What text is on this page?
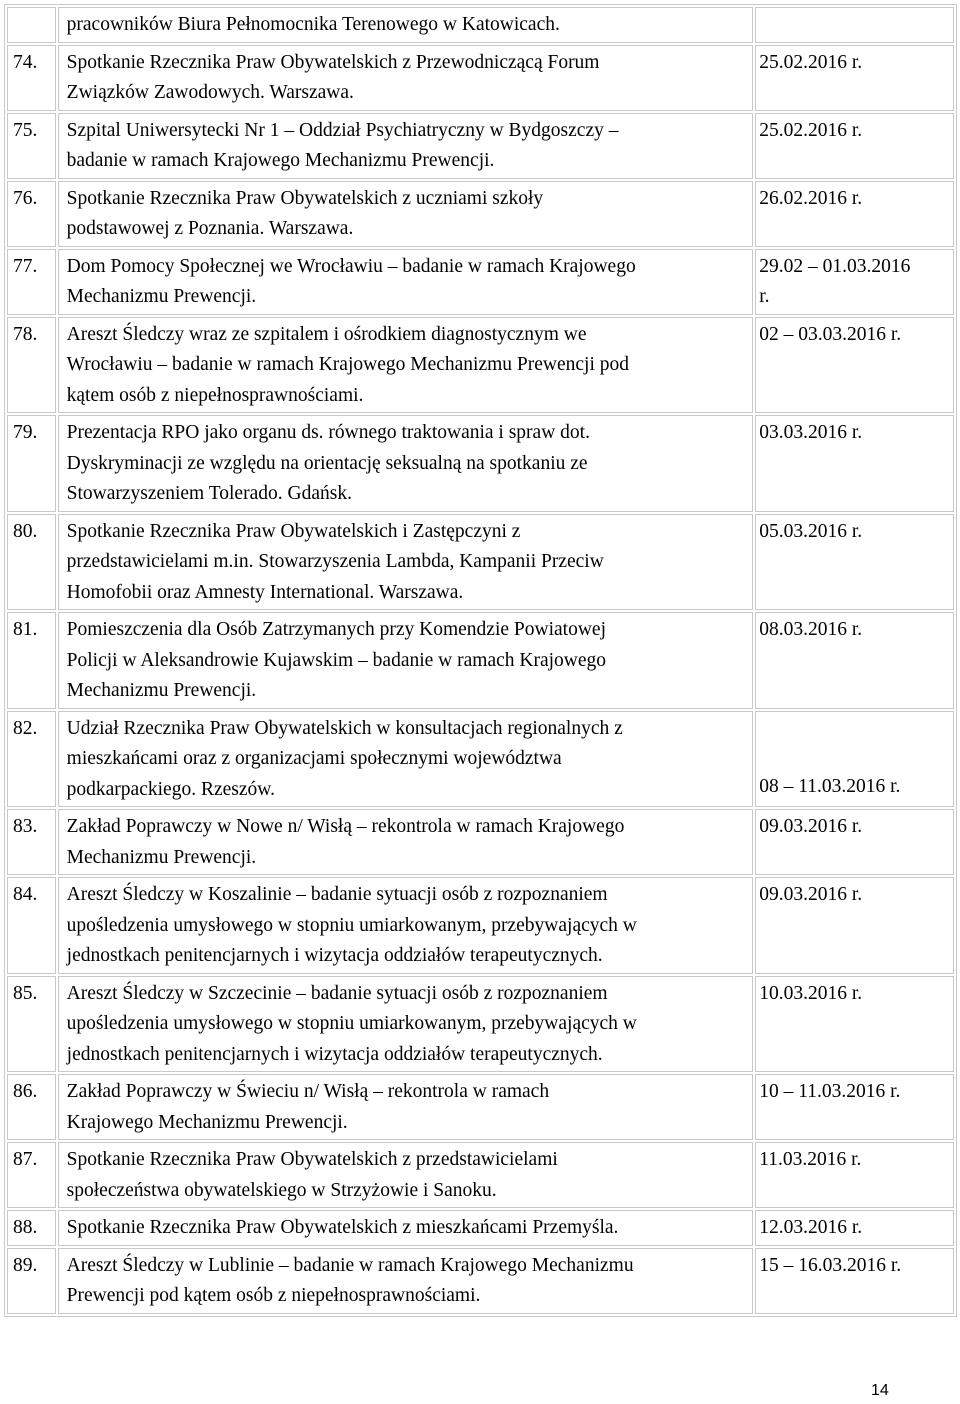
	pracowników Biura Pełnomocnika Terenowego w Katowicach.	

74.	Spotkanie Rzecznika Praw Obywatelskich z Przewodniczącą Forum
Związków Zawodowych. Warszawa.	25.02.2016 r.

75.	Szpital Uniwersytecki Nr 1 – Oddział Psychiatryczny w Bydgoszczy –
badanie w ramach Krajowego Mechanizmu Prewencji.	25.02.2016 r.

76.	Spotkanie Rzecznika Praw Obywatelskich z uczniami szkoły
podstawowej z Poznania. Warszawa.	26.02.2016 r.

77.	Dom Pomocy Społecznej we Wrocławiu – badanie w ramach Krajowego
Mechanizmu Prewencji.	29.02 – 01.03.2016
r.

78.	Areszt Śledczy wraz ze szpitalem i ośrodkiem diagnostycznym we
Wrocławiu – badanie w ramach Krajowego Mechanizmu Prewencji pod
kątem osób z niepełnosprawnościami.	02 – 03.03.2016 r.

79.	Prezentacja RPO jako organu ds. równego traktowania i spraw dot.
Dyskryminacji ze względu na orientację seksualną na spotkaniu ze
Stowarzyszeniem Tolerado. Gdańsk.	03.03.2016 r.

80.	Spotkanie Rzecznika Praw Obywatelskich i Zastępczyni z
przedstawicielami m.in. Stowarzyszenia Lambda, Kampanii Przeciw
Homofobii oraz Amnesty International. Warszawa.	05.03.2016 r.

81.	Pomieszczenia dla Osób Zatrzymanych przy Komendzie Powiatowej
Policji w Aleksandrowie Kujawskim – badanie w ramach Krajowego
Mechanizmu Prewencji.	08.03.2016 r.

82.	Udział Rzecznika Praw Obywatelskich w konsultacjach regionalnych z
mieszkańcami oraz z organizacjami społecznymi województwa
podkarpackiego. Rzeszów.	08 – 11.03.2016 r.

83.	Zakład Poprawczy w Nowe n/ Wisłą – rekontrola w ramach Krajowego
Mechanizmu Prewencji.	09.03.2016 r.

84.	Areszt Śledczy w Koszalinie – badanie sytuacji osób z rozpoznaniem
upośledzenia umysłowego w stopniu umiarkowanym, przebywających w
jednostkach penitencjarnych i wizytacja oddziałów terapeutycznych.	09.03.2016 r.

85.	Areszt Śledczy w Szczecinie – badanie sytuacji osób z rozpoznaniem
upośledzenia umysłowego w stopniu umiarkowanym, przebywających w
jednostkach penitencjarnych i wizytacja oddziałów terapeutycznych.	10.03.2016 r.

86.	Zakład Poprawczy w Świeciu n/ Wisłą – rekontrola w ramach
Krajowego Mechanizmu Prewencji.	10 – 11.03.2016 r.

87.	Spotkanie Rzecznika Praw Obywatelskich z przedstawicielami
społeczeństwa obywatelskiego w Strzyżowie i Sanoku.	11.03.2016 r.

88.	Spotkanie Rzecznika Praw Obywatelskich z mieszkańcami Przemyśla.	12.03.2016 r.

89.	Areszt Śledczy w Lublinie – badanie w ramach Krajowego Mechanizmu
Prewencji pod kątem osób z niepełnosprawnościami.	15 – 16.03.2016 r.
14
